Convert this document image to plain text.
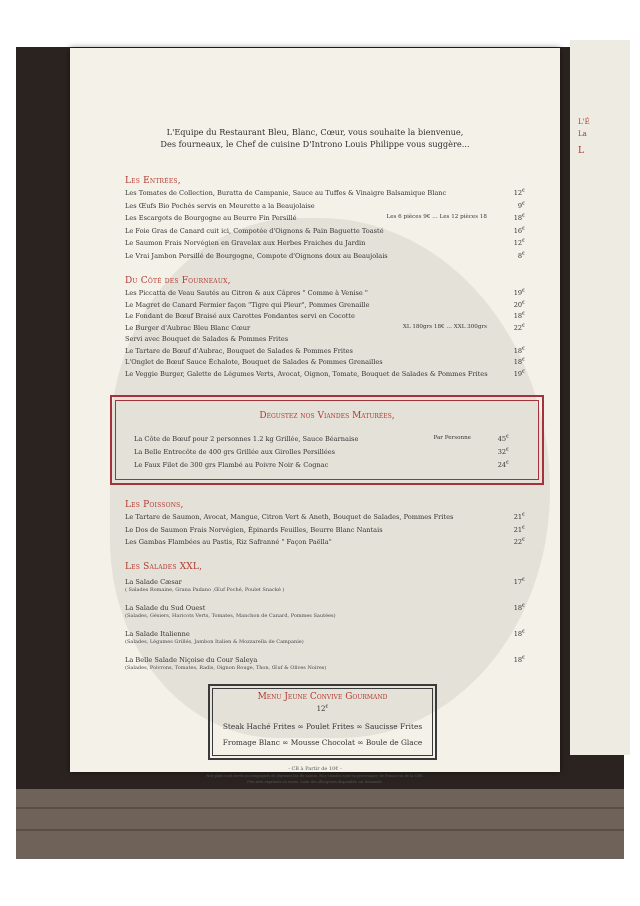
L'É
La
L
L'Equipe du Restaurant Bleu, Blanc, Cœur, vous souhaite la bienvenue,
Des fourneaux, le Chef de cuisine D'Introno Louis Philippe vous suggère...
Les Entrées,
Les Tomates de Collection, Buratta de Campanie, Sauce au Tuffes & Vinaigre Balsamique Blanc	12€
Les Œufs Bio Pochés servis en Meurette a la Beaujolaise	9€
Les Escargots de Bourgogne au Beurre Fin Persillé	Les 6 pièces 9€ … Les 12 pièces 18	18€
Le Foie Gras de Canard cuit ici, Compotée d'Oignons & Pain Baguette Toasté	16€
Le Saumon Frais Norvégien en Gravelax aux Herbes Fraiches du Jardin	12€
Le Vrai Jambon Persillé de Bourgogne, Compote d'Oignons doux au Beaujolais	8€
Du Côté des Fourneaux,
Les Piccatta de Veau Sautés au Citron & aux Câpres " Comme à Venise "	19€
Le Magret de Canard Fermier façon "Tigre qui Pleur", Pommes Grenaille	20€
Le Fondant de Bœuf Braisé aux Carottes Fondantes servi en Cocotte	18€
Le Burger d'Aubrac Bleu Blanc Cœur	XL 180grs 18€ … XXL 300grs	22€
Servi avec Bouquet de Salades & Pommes Frites
Le Tartare de Bœuf d'Aubrac, Bouquet de Salades & Pommes Frites	18€
L'Onglet de Bœuf Sauce Échalote, Bouquet de Salades & Pommes Grenailles	18€
Le Veggie Burger, Galette de Légumes Verts, Avocat, Oignon, Tomate, Bouquet de Salades & Pommes Frites	19€
Dégustez nos Viandes Maturées,
La Côte de Bœuf pour 2 personnes 1.2 kg Grillée, Sauce Béarnaise	Par Personne	45€
La Belle Entrecôte de 400 grs Grillée aux Girolles Persillées	32€
Le Faux Filet de 300 grs Flambé au Poivre Noir & Cognac	24€
Les Poissons,
Le Tartare de Saumon, Avocat, Mangue, Citron Vert & Aneth, Bouquet de Salades, Pommes Frites	21€
Le Dos de Saumon Frais Norvégien, Épinards Feuilles, Beurre Blanc Nantais	21€
Les Gambas Flambées au Pastis, Riz Safranné " Façon Paëlla"	22€
Les Salades XXL,
La Salade Cæsar	17€
( Salades Romaine, Grana Padano ,Œuf Poché, Poulet Snacké )
La Salade du Sud Ouest	18€
(Salades, Gésiers, Haricots Verts, Tomates, Manchon de Canard, Pommes Sautées)
La Salade Italienne	18€
(Salades, Légumes Grillés, Jambon Italien & Mozzarella de Campanie)
La Belle Salade Niçoise du Cour Saleya	18€
(Salades, Poivrons, Tomates, Radis, Oignon Rouge, Thon, Œuf & Olives Noires)
Menu Jeune Convive Gourmand
12€
Steak Haché Frites ∞ Poulet Frites ∞ Saucisse Frites
Fromage Blanc ∞ Mousse Chocolat ∞ Boule de Glace
- CB à Partir de 10€ -
Nos plats sont servis accompagnés de légumes bio de saison. Nos viandes sont en provenance de France ou de la CEE.
Prix nets exprimés en euros. Liste des allergènes disponible sur demande.
